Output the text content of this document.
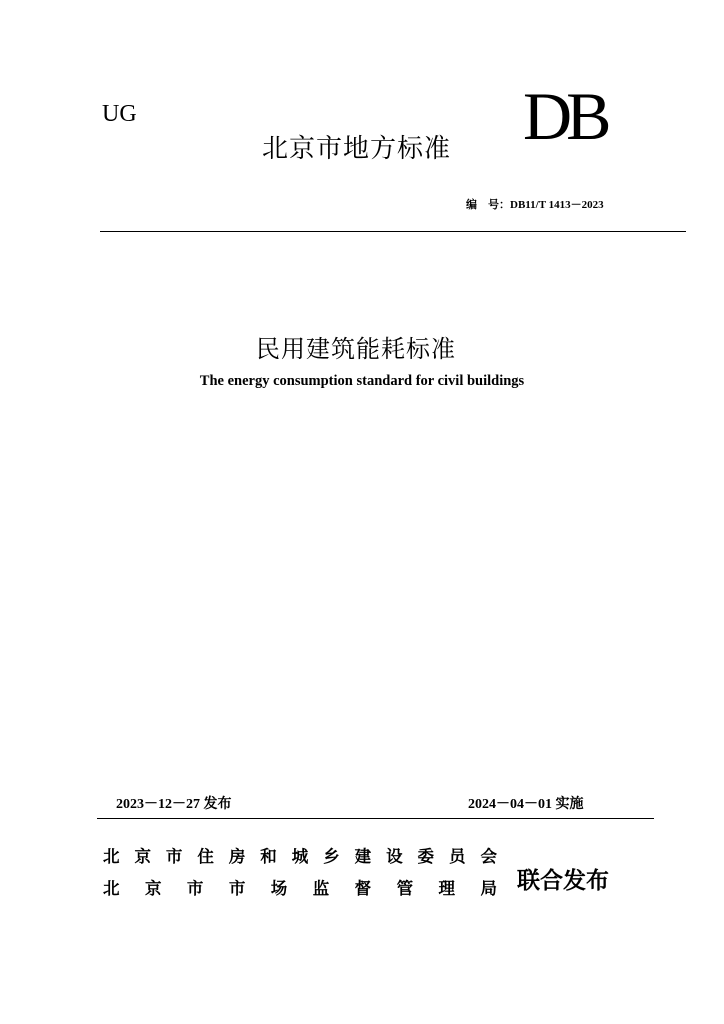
UG	DB
北京市地方标准
编　号：DB11/T 1413－2023
民用建筑能耗标准
The energy consumption standard for civil buildings
2023－12－27 发布	2024－04－01 实施
北 京 市 住 房 和 城 乡 建 设 委 员 会
北 京 市 市 场 监 督 管 理 局 联合发布
